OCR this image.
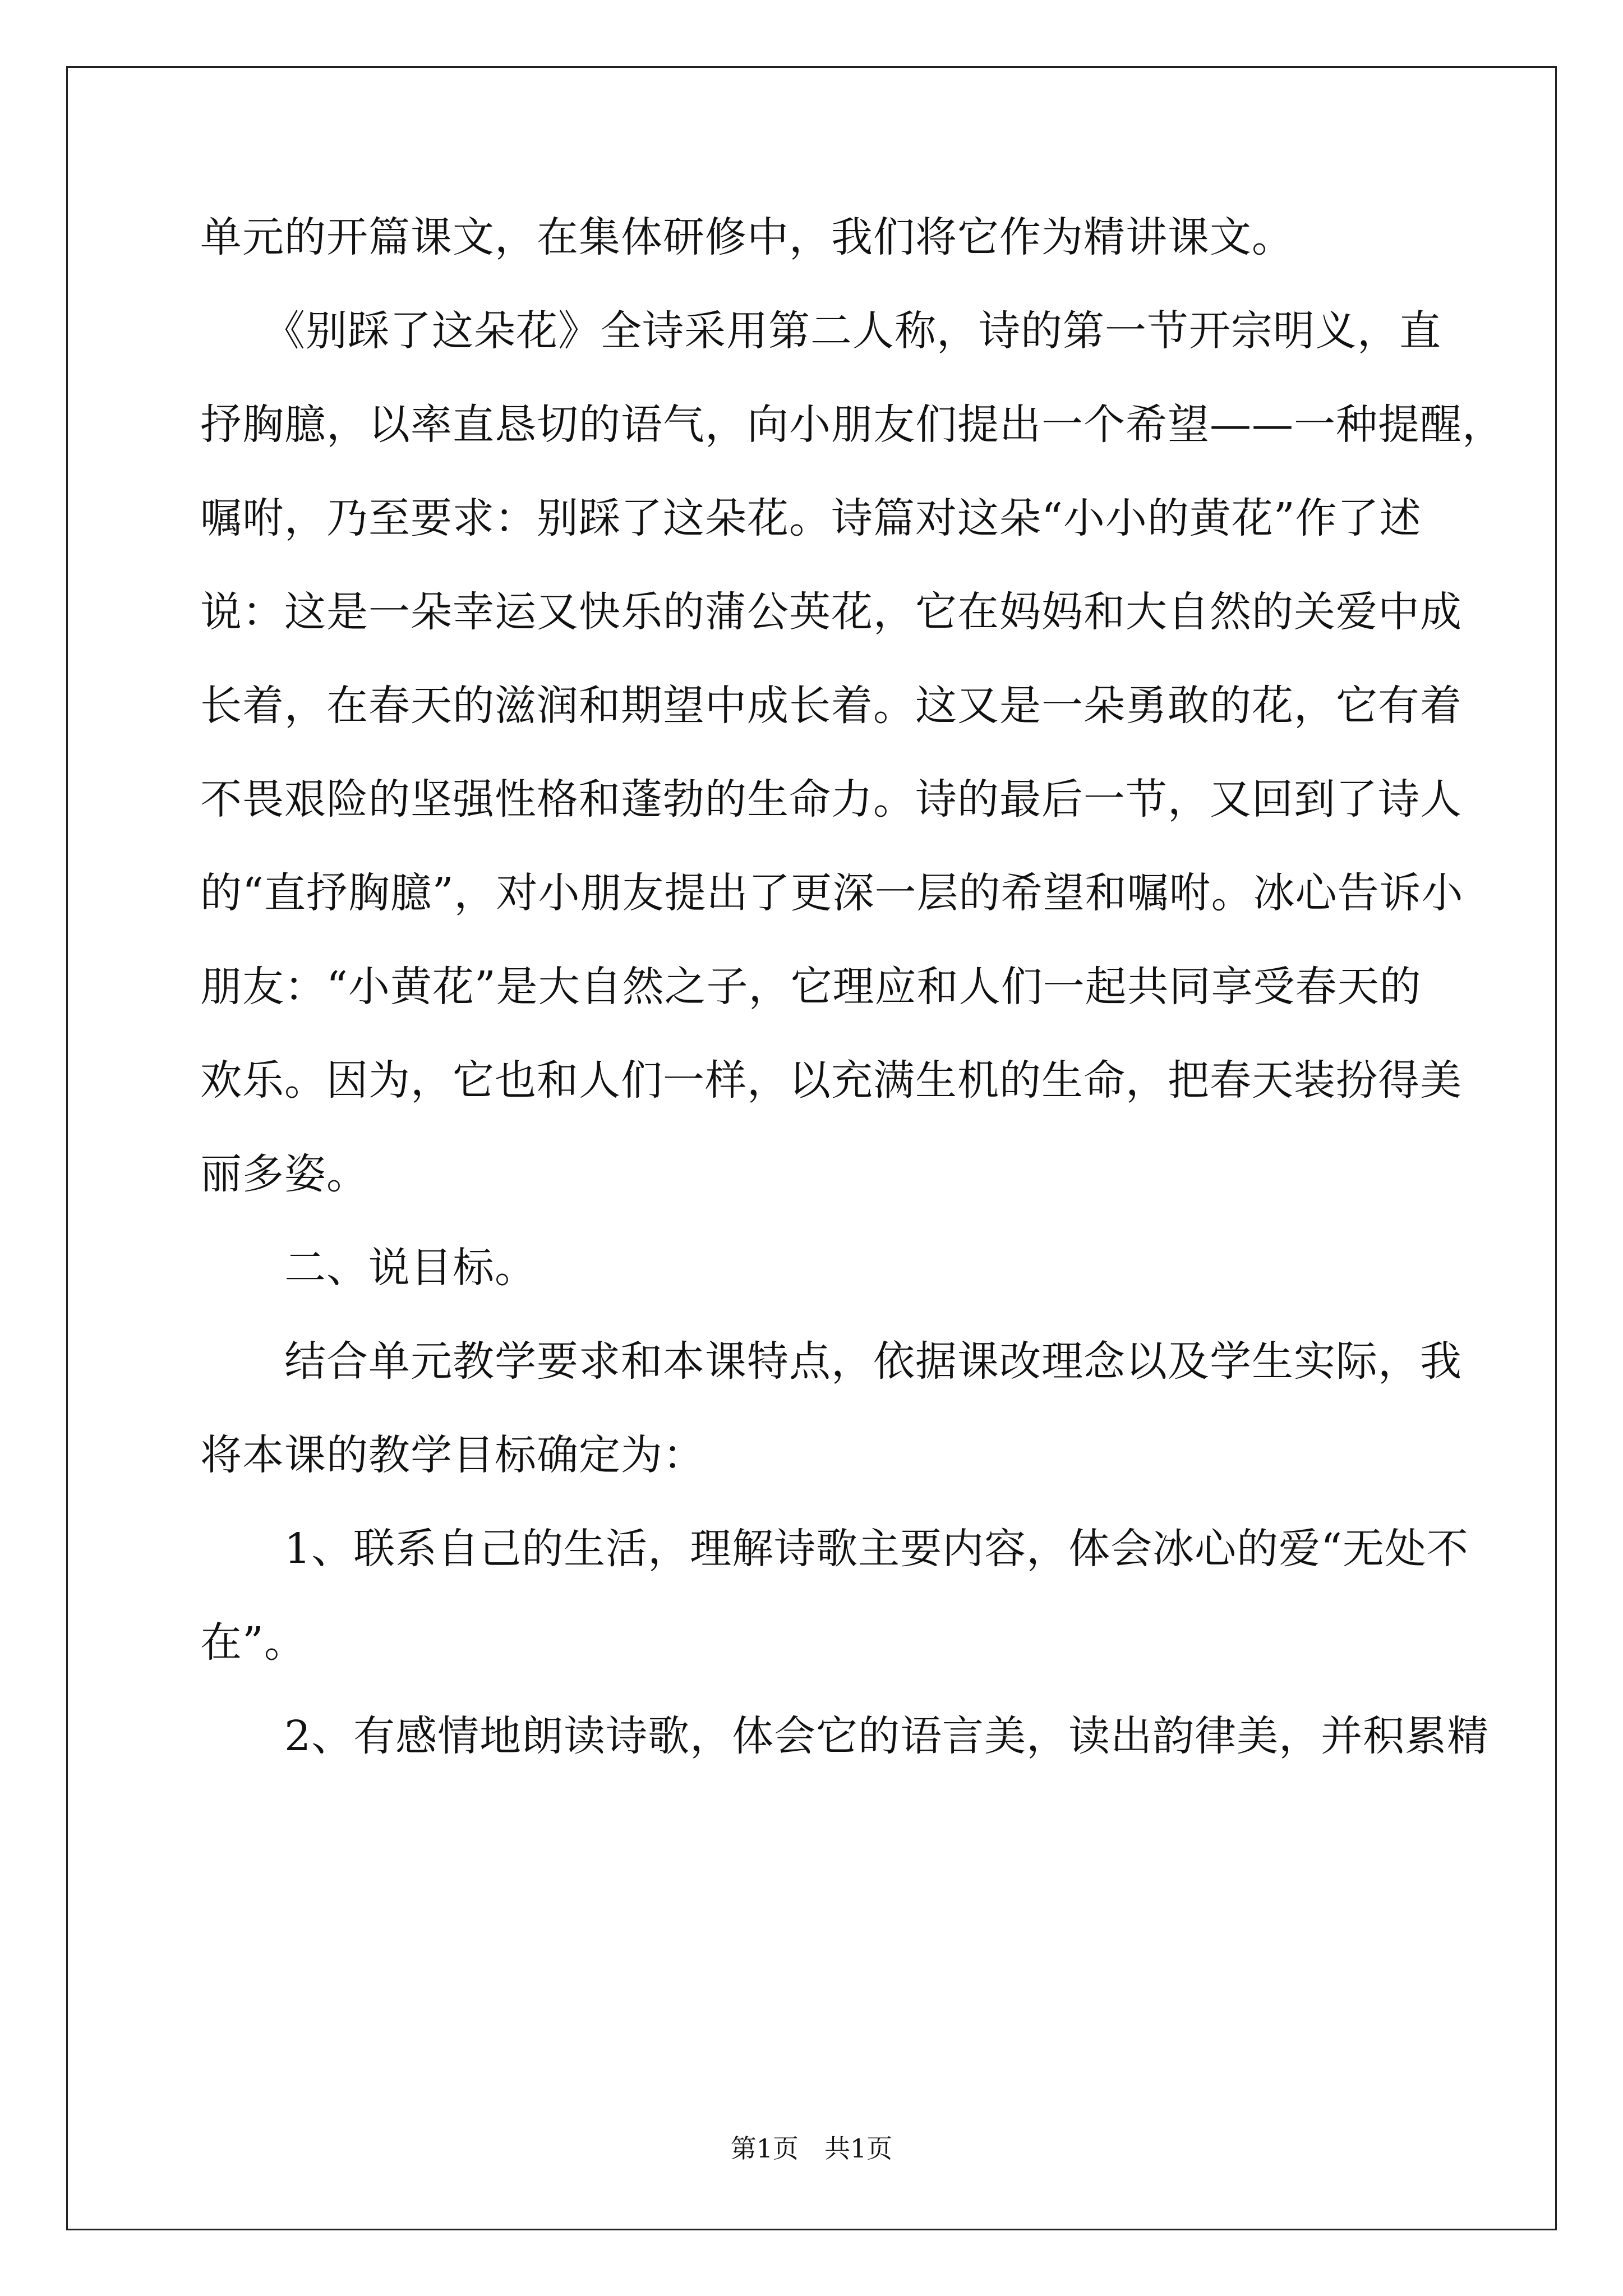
单元的开篇课文，在集体研修中，我们将它作为精讲课文。
　　《别踩了这朵花》全诗采用第二人称，诗的第一节开宗明义，直
抒胸臆，以率直恳切的语气，向小朋友们提出一个希望——一种提醒，
嘱咐，乃至要求：别踩了这朵花。诗篇对这朵“小小的黄花”作了述
说：这是一朵幸运又快乐的蒲公英花，它在妈妈和大自然的关爱中成
长着，在春天的滋润和期望中成长着。这又是一朵勇敢的花，它有着
不畏艰险的坚强性格和蓬勃的生命力。诗的最后一节，又回到了诗人
的“直抒胸臆”，对小朋友提出了更深一层的希望和嘱咐。冰心告诉小
朋友：“小黄花”是大自然之子，它理应和人们一起共同享受春天的
欢乐。因为，它也和人们一样，以充满生机的生命，把春天装扮得美
丽多姿。
　　二、说目标。
　　结合单元教学要求和本课特点，依据课改理念以及学生实际，我
将本课的教学目标确定为：
　　1、联系自己的生活，理解诗歌主要内容，体会冰心的爱“无处不
在”。
　　2、有感情地朗读诗歌，体会它的语言美，读出韵律美，并积累精
第1页　共1页
